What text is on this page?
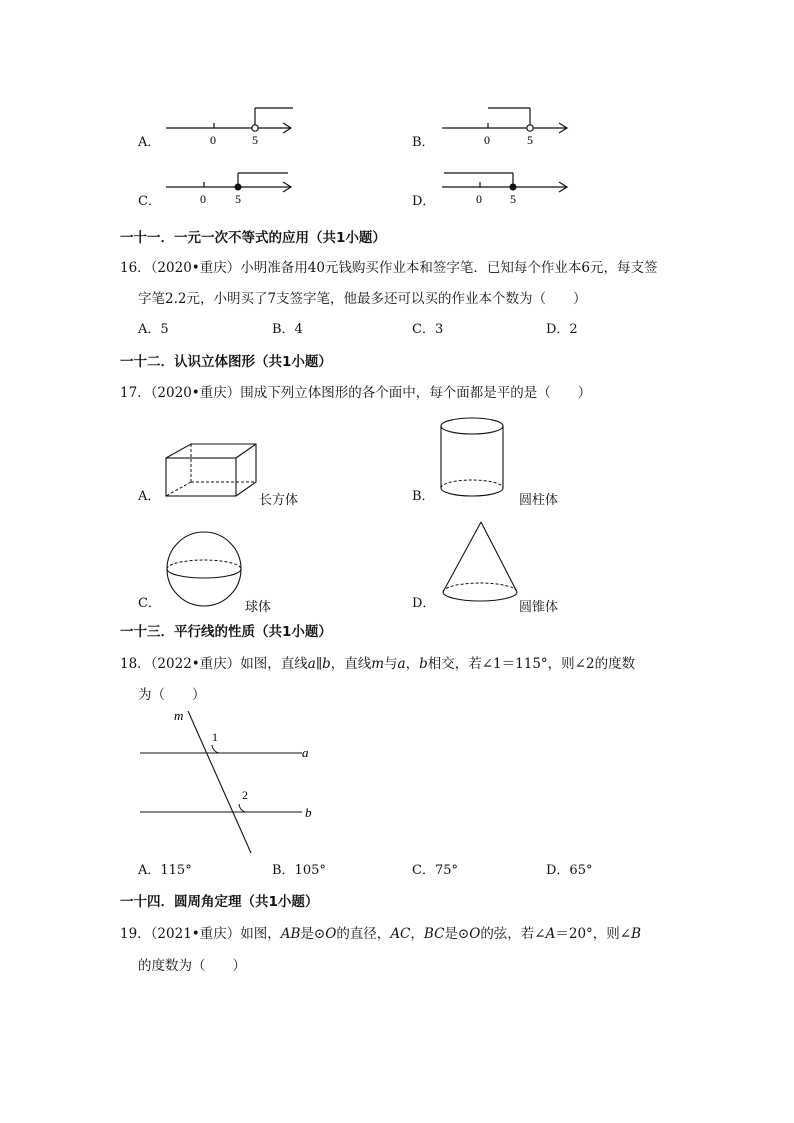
A．	0	5	B．	0	5
C．	0 5	D．	0 5
一十一．一元一次不等式的应用（共1小题）
16．（2020•重庆）小明准备用40元钱购买作业本和签字笔．已知每个作业本6元，每支签
字笔2.2元，小明买了7支签字笔，他最多还可以买的作业本个数为（　　）
A．5	B．4	C．3	D．2
一十二．认识立体图形（共1小题）
17．（2020•重庆）围成下列立体图形的各个面中，每个面都是平的是（　　）
A．	长方体	B．	圆柱体
C．	球体	D．	圆锥体
一十三．平行线的性质（共1小题）
18．（2022•重庆）如图，直线a∥b，直线m与a，b相交，若∠1＝115°，则∠2的度数
为（　　）
m
1
2
a
b
A．115°	B．105°	C．75°	D．65°
一十四．圆周角定理（共1小题）
19．（2021•重庆）如图，AB是⊙O的直径，AC，BC是⊙O的弦，若∠A＝20°，则∠B
的度数为（　　）
